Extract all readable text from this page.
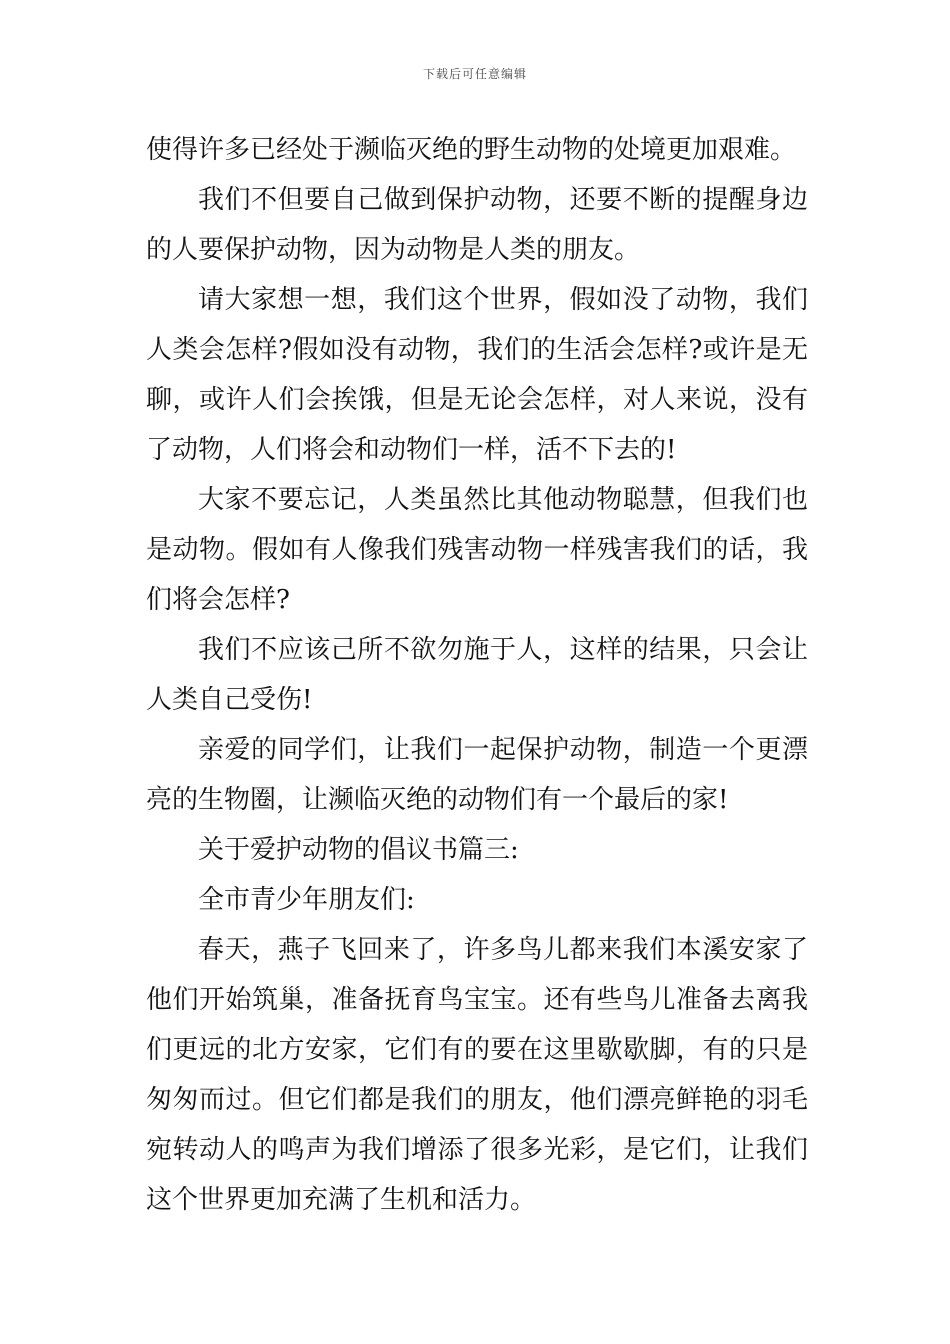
下载后可任意编辑
使得许多已经处于濒临灭绝的野生动物的处境更加艰难。
我们不但要自己做到保护动物，还要不断的提醒身边
的人要保护动物，因为动物是人类的朋友。
请大家想一想，我们这个世界，假如没了动物，我们
人类会怎样?假如没有动物，我们的生活会怎样?或许是无
聊，或许人们会挨饿，但是无论会怎样，对人来说，没有
了动物，人们将会和动物们一样，活不下去的!
大家不要忘记，人类虽然比其他动物聪慧，但我们也
是动物。假如有人像我们残害动物一样残害我们的话，我
们将会怎样?
我们不应该己所不欲勿施于人，这样的结果，只会让
人类自己受伤!
亲爱的同学们，让我们一起保护动物，制造一个更漂
亮的生物圈，让濒临灭绝的动物们有一个最后的家!
关于爱护动物的倡议书篇三:
全市青少年朋友们:
春天，燕子飞回来了，许多鸟儿都来我们本溪安家了
他们开始筑巢，准备抚育鸟宝宝。还有些鸟儿准备去离我
们更远的北方安家，它们有的要在这里歇歇脚，有的只是
匆匆而过。但它们都是我们的朋友，他们漂亮鲜艳的羽毛
宛转动人的鸣声为我们增添了很多光彩，是它们，让我们
这个世界更加充满了生机和活力。
